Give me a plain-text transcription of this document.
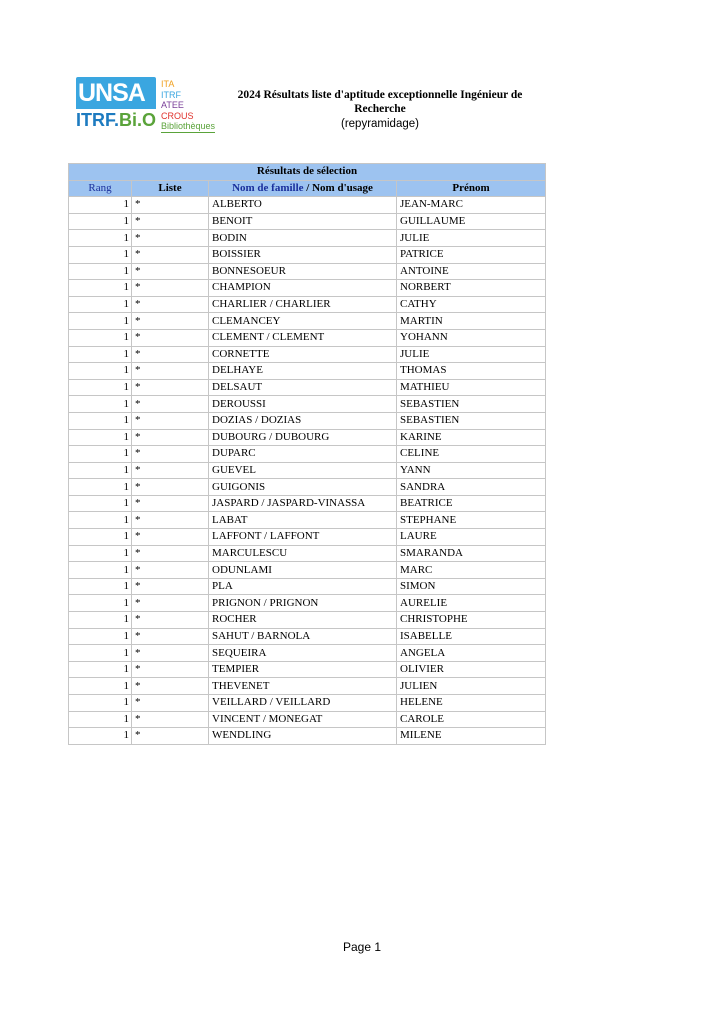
UNSA
ITRF.Bi.O
ITA
ITRF
ATEE
CROUS
Bibliothèques
2024 Résultats liste d'aptitude exceptionnelle Ingénieur de Recherche
(repyramidage)
Résultats de sélection			
Rang	Liste	Nom de famille / Nom d'usage	Prénom
1	*	ALBERTO	JEAN-MARC
1	*	BENOIT	GUILLAUME
1	*	BODIN	JULIE
1	*	BOISSIER	PATRICE
1	*	BONNESOEUR	ANTOINE
1	*	CHAMPION	NORBERT
1	*	CHARLIER / CHARLIER	CATHY
1	*	CLEMANCEY	MARTIN
1	*	CLEMENT / CLEMENT	YOHANN
1	*	CORNETTE	JULIE
1	*	DELHAYE	THOMAS
1	*	DELSAUT	MATHIEU
1	*	DEROUSSI	SEBASTIEN
1	*	DOZIAS / DOZIAS	SEBASTIEN
1	*	DUBOURG / DUBOURG	KARINE
1	*	DUPARC	CELINE
1	*	GUEVEL	YANN
1	*	GUIGONIS	SANDRA
1	*	JASPARD / JASPARD-VINASSA	BEATRICE
1	*	LABAT	STEPHANE
1	*	LAFFONT / LAFFONT	LAURE
1	*	MARCULESCU	SMARANDA
1	*	ODUNLAMI	MARC
1	*	PLA	SIMON
1	*	PRIGNON / PRIGNON	AURELIE
1	*	ROCHER	CHRISTOPHE
1	*	SAHUT / BARNOLA	ISABELLE
1	*	SEQUEIRA	ANGELA
1	*	TEMPIER	OLIVIER
1	*	THEVENET	JULIEN
1	*	VEILLARD / VEILLARD	HELENE
1	*	VINCENT / MONEGAT	CAROLE
1	*	WENDLING	MILENE
Page 1
